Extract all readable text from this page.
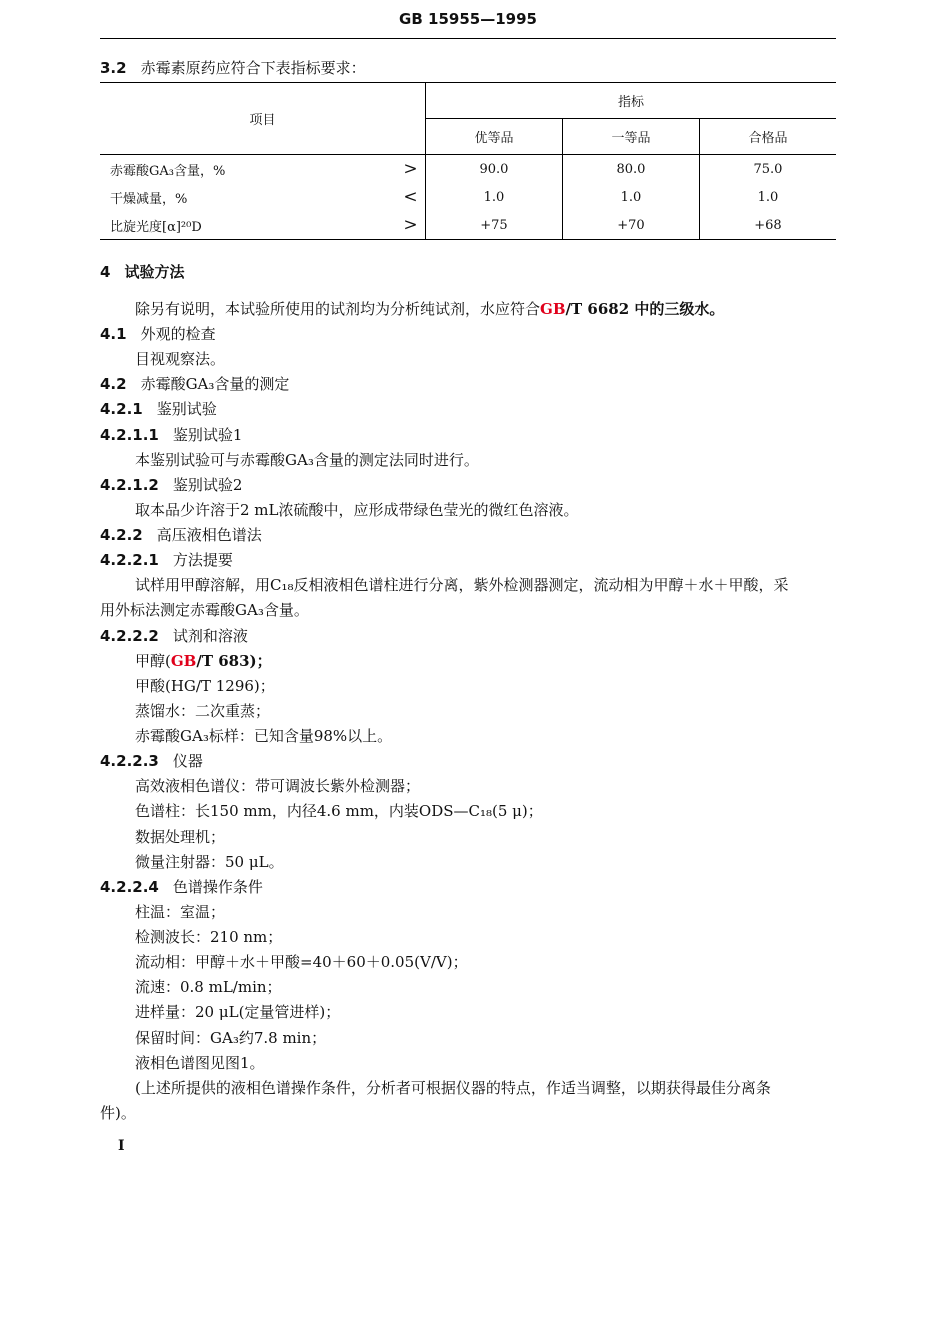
GB 15955—1995
3.2 赤霉素原药应符合下表指标要求：
项目		指标		
		优等品	一等品	合格品
赤霉酸GA₃含量，%	>	90.0	80.0	75.0
干燥减量，%	<	1.0	1.0	1.0
比旋光度[α]²⁰D	>	+75	+70	+68
4 试验方法
除另有说明，本试验所使用的试剂均为分析纯试剂，水应符合GB/T 6682 中的三级水。
4.1 外观的检查
目视观察法。
4.2 赤霉酸GA₃含量的测定
4.2.1 鉴别试验
4.2.1.1 鉴别试验1
本鉴别试验可与赤霉酸GA₃含量的测定法同时进行。
4.2.1.2 鉴别试验2
取本品少许溶于2 mL浓硫酸中，应形成带绿色莹光的微红色溶液。
4.2.2 高压液相色谱法
4.2.2.1 方法提要
试样用甲醇溶解，用C₁₈反相液相色谱柱进行分离，紫外检测器测定，流动相为甲醇＋水＋甲酸，采
用外标法测定赤霉酸GA₃含量。
4.2.2.2 试剂和溶液
甲醇(GB/T 683)；
甲酸(HG/T 1296)；
蒸馏水：二次重蒸；
赤霉酸GA₃标样：已知含量98%以上。
4.2.2.3 仪器
高效液相色谱仪：带可调波长紫外检测器；
色谱柱：长150 mm，内径4.6 mm，内装ODS—C₁₈(5 μ)；
数据处理机；
微量注射器：50 μL。
4.2.2.4 色谱操作条件
柱温：室温；
检测波长：210 nm；
流动相：甲醇＋水＋甲酸=40＋60＋0.05(V/V)；
流速：0.8 mL/min；
进样量：20 μL(定量管进样)；
保留时间：GA₃约7.8 min；
液相色谱图见图1。
(上述所提供的液相色谱操作条件，分析者可根据仪器的特点，作适当调整，以期获得最佳分离条
件)。
I
